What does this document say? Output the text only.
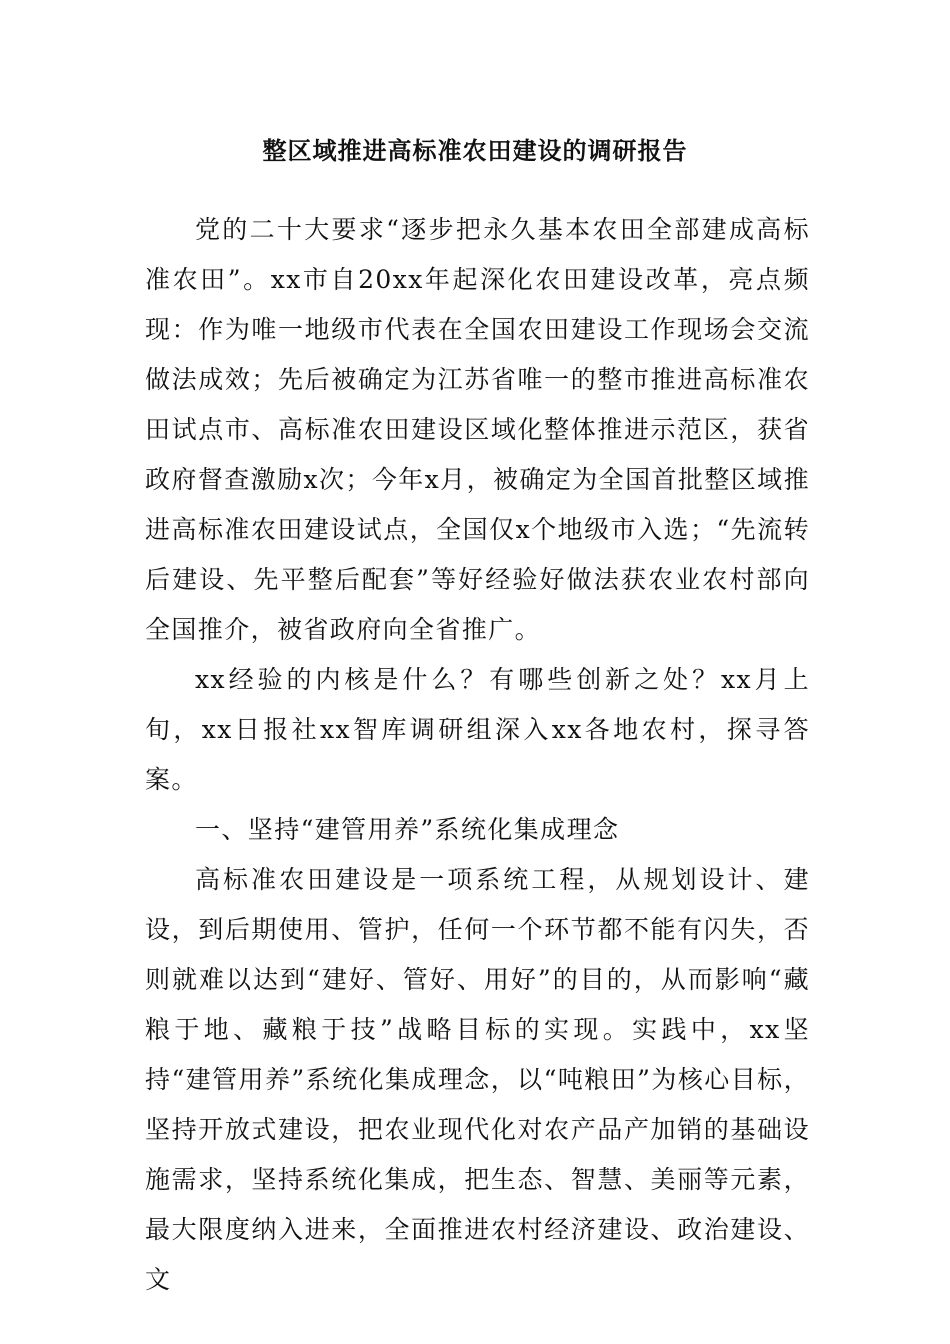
整区域推进高标准农田建设的调研报告

党的二十大要求“逐步把永久基本农田全部建成高标准农田”。xx市自20xx年起深化农田建设改革，亮点频现：作为唯一地级市代表在全国农田建设工作现场会交流做法成效；先后被确定为江苏省唯一的整市推进高标准农田试点市、高标准农田建设区域化整体推进示范区，获省政府督查激励x次；今年x月，被确定为全国首批整区域推进高标准农田建设试点，全国仅x个地级市入选；“先流转后建设、先平整后配套”等好经验好做法获农业农村部向全国推介，被省政府向全省推广。

xx经验的内核是什么？有哪些创新之处？xx月上旬，xx日报社xx智库调研组深入xx各地农村，探寻答案。

一、坚持“建管用养”系统化集成理念

高标准农田建设是一项系统工程，从规划设计、建设，到后期使用、管护，任何一个环节都不能有闪失，否则就难以达到“建好、管好、用好”的目的，从而影响“藏粮于地、藏粮于技”战略目标的实现。实践中，xx坚持“建管用养”系统化集成理念，以“吨粮田”为核心目标，坚持开放式建设，把农业现代化对农产品产加销的基础设施需求，坚持系统化集成，把生态、智慧、美丽等元素，最大限度纳入进来，全面推进农村经济建设、政治建设、文
